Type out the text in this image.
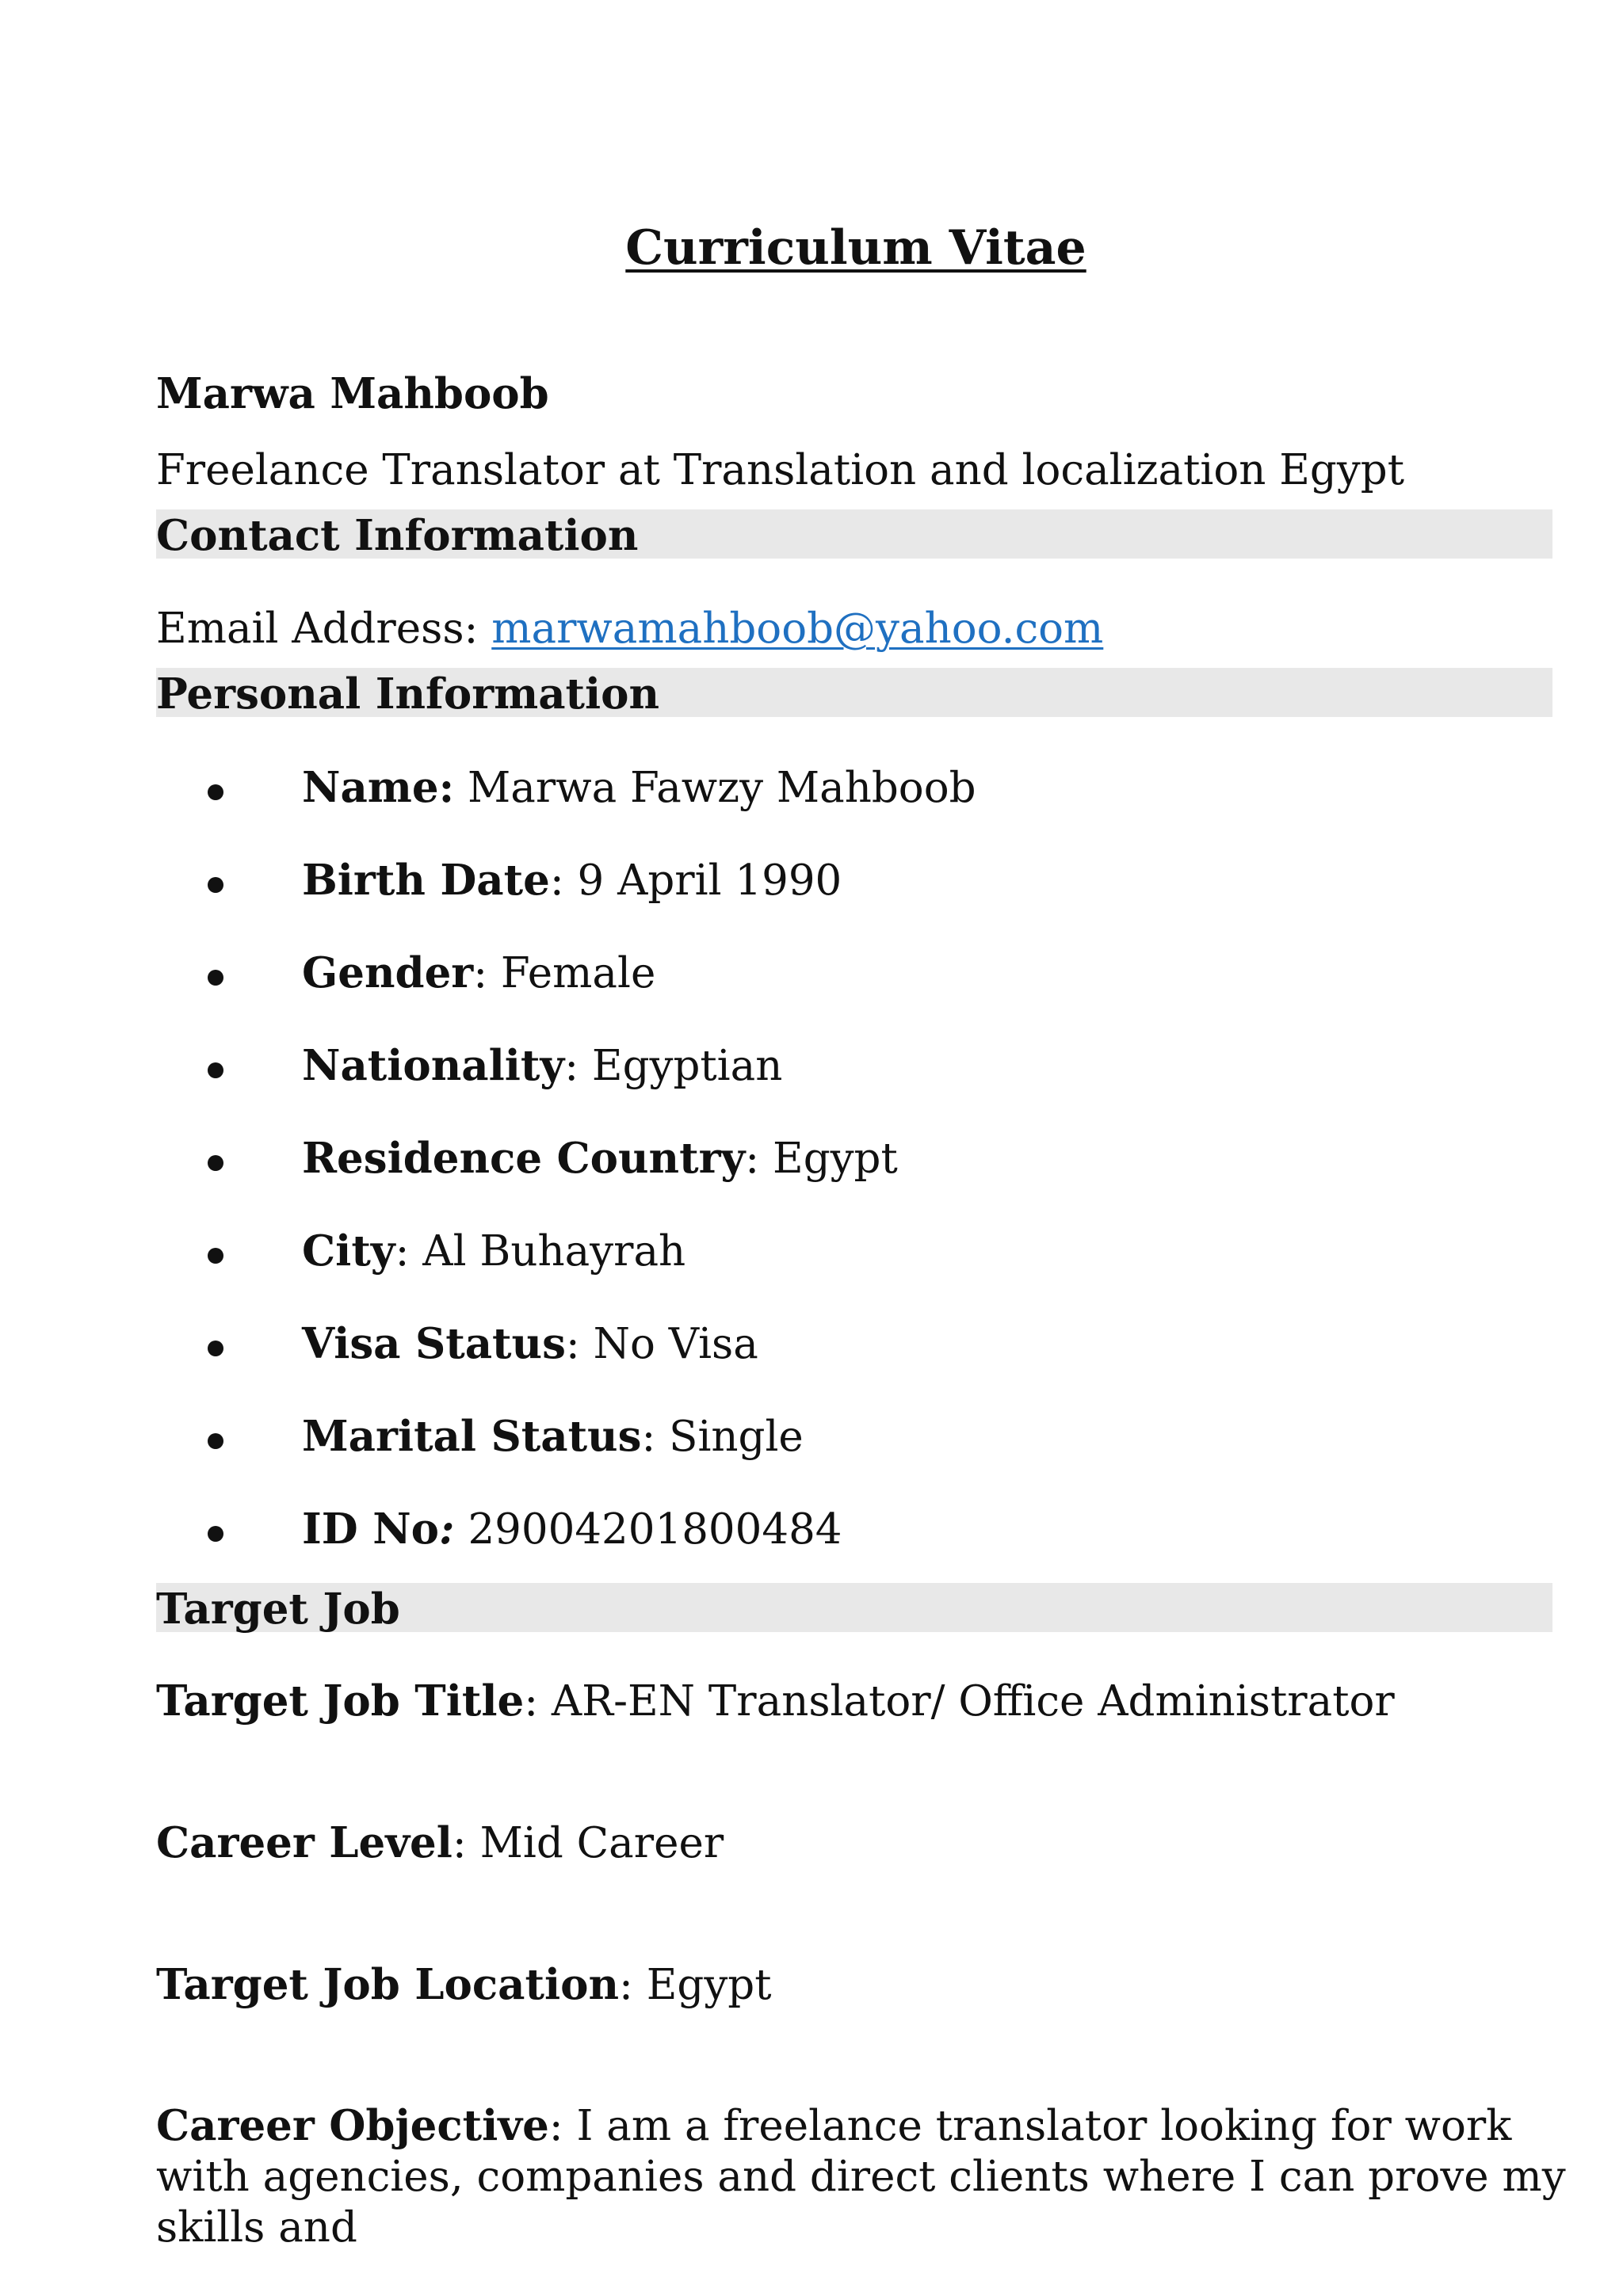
Curriculum Vitae
Marwa Mahboob
Freelance Translator at Translation and localization Egypt
Contact Information
Email Address: marwamahboob@yahoo.com
Personal Information
Name: Marwa Fawzy Mahboob
Birth Date: 9 April 1990
Gender: Female
Nationality: Egyptian
Residence Country: Egypt
City: Al Buhayrah
Visa Status: No Visa
Marital Status: Single
ID No: 29004201800484
Target Job
Target Job Title: AR-EN Translator/ Office Administrator
Career Level: Mid Career
Target Job Location: Egypt
Career Objective: I am a freelance translator looking for work with agencies, companies and direct clients where I can prove my skills and
